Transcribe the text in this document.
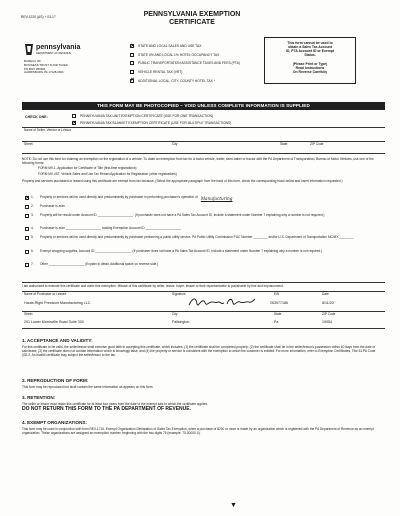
REV-1220 (AS) + 03-17	PENNSYLVANIA EXEMPTION
CERTIFICATE
pennsylvania
DEPARTMENT OF REVENUE
BUREAU OF
BUSINESS TRUST FUND TAXES
PO BOX 280901
HARRISBURG PA 17128-0901
✕
STATE AND LOCAL SALES AND USE TAX
STATE 6% AND LOCAL 1% HOTEL OCCUPANCY TAX
PUBLIC TRANSPORTATION ASSISTANCE TAXES AND FEES (PTA)
VEHICLE RENTAL TAX (VRT)
✕
ADDITIONAL LOCAL, CITY, COUNTY HOTEL TAX *
This form cannot be used to
obtain a Sales Tax Account
ID, PTA Account ID or Exempt
Status.
(Please Print or Type)
Read Instructions
On Reverse Carefully
THIS FORM MAY BE PHOTOCOPIED – VOID UNLESS COMPLETE INFORMATION IS SUPPLIED
CHECK ONE:	PENNSYLVANIA TAX UNIT EXEMPTION CERTIFICATE (USE FOR ONE TRANSACTION)
✕
PENNSYLVANIA TAX BLANKET EXEMPTION CERTIFICATE (USE FOR MULTIPLE TRANSACTIONS)
Name of Seller, Vendor or Lessor
Street	City	State	ZIP Code
NOTE: Do not use this form for claiming an exemption on the registration of a vehicle. To claim an exemption from tax for a motor vehicle, trailer, semi-trailer or tractor with the PA Department of Transportation, Bureau of Motor Vehicles, use one of the following forms:
FORM MV-1, Application for Certificate of Title (first-time registrations)
FORM MV-4ST, Vehicle Sales and Use Tax Return/Application for Registration (other registrations)
Property and services purchased or leased using this certificate are exempt from tax because: (Select the appropriate paragraph from the back of this form, check the corresponding block below and insert information requested.)
✕
1.	Property or services will be used directly and predominantly by purchaser in performing purchaser's operation of Manufacturing
2.	Purchaser is a/an
3.	Property will be resold under Account ID ____________________. (If purchaser does not have a PA Sales Tax Account ID, include a statement under Number 7 explaining why a number is not required.)
4.	Purchaser is a/an ____________________ holding Exemption Account ID ____________________
5.	Property or services will be used directly and predominantly by purchaser performing a public utility service. PA Public Utility Commission PUC Number ________ and/or U.S. Department of Transportation MC/MX ________
6.	Exempt wrapping supplies, Account ID ____________________. (If purchaser does not have a PA Sales Tax Account ID, include a statement under Number 7 explaining why a number is not required.)
7.	Other ____________________ (Explain in detail. Additional space on reverse side.)
I am authorized to execute this certificate and claim this exemption. Misuse of this certificate by seller, lessor, buyer, lessee or their representative is punishable by fine and imprisonment.
Name of Purchaser or Lessee	Signature	EIN	Date
Haute-Right Precision Manufacturing LLC	263977186	8/11/20
Street	City	State	ZIP Code
201 Lower Morrisville Road Suite 300	Fallsington	Pa	19054
1. ACCEPTANCE AND VALIDITY:
For this certificate to be valid, the seller/lessor shall exercise good faith in accepting this certificate, which includes: (1) the certificate shall be completed properly; (2) the certificate shall be in the seller/lessor's possession within 60 days from the date of sale/lease; (3) the certificate does not contain information which is knowingly false; and (4) the property or service is consistent with the exemption to which the customer is entitled. For more information, refer to Exemption Certificates, Title 61 PA Code §32.2. An invalid certificate may subject the seller/lessor to the tax.
2. REPRODUCTION OF FORM:
This form may be reproduced but shall contain the same information as appears on this form.
3. RETENTION:
The seller or lessor must retain this certificate for at least four years from the date of the exempt sale to which the certificate applies.
DO NOT RETURN THIS FORM TO THE PA DEPARTMENT OF REVENUE.
4. EXEMPT ORGANIZATIONS:
This form may be used in conjunction with form REV-1715, Exempt Organization Declaration of Sales Tax Exemption, when a purchase of $200 or more is made by an organization which is registered with the PA Department of Revenue as an exempt organization. These organizations are assigned an exemption number, beginning with the two digits 75 (example: 75-00000-0).
▼
